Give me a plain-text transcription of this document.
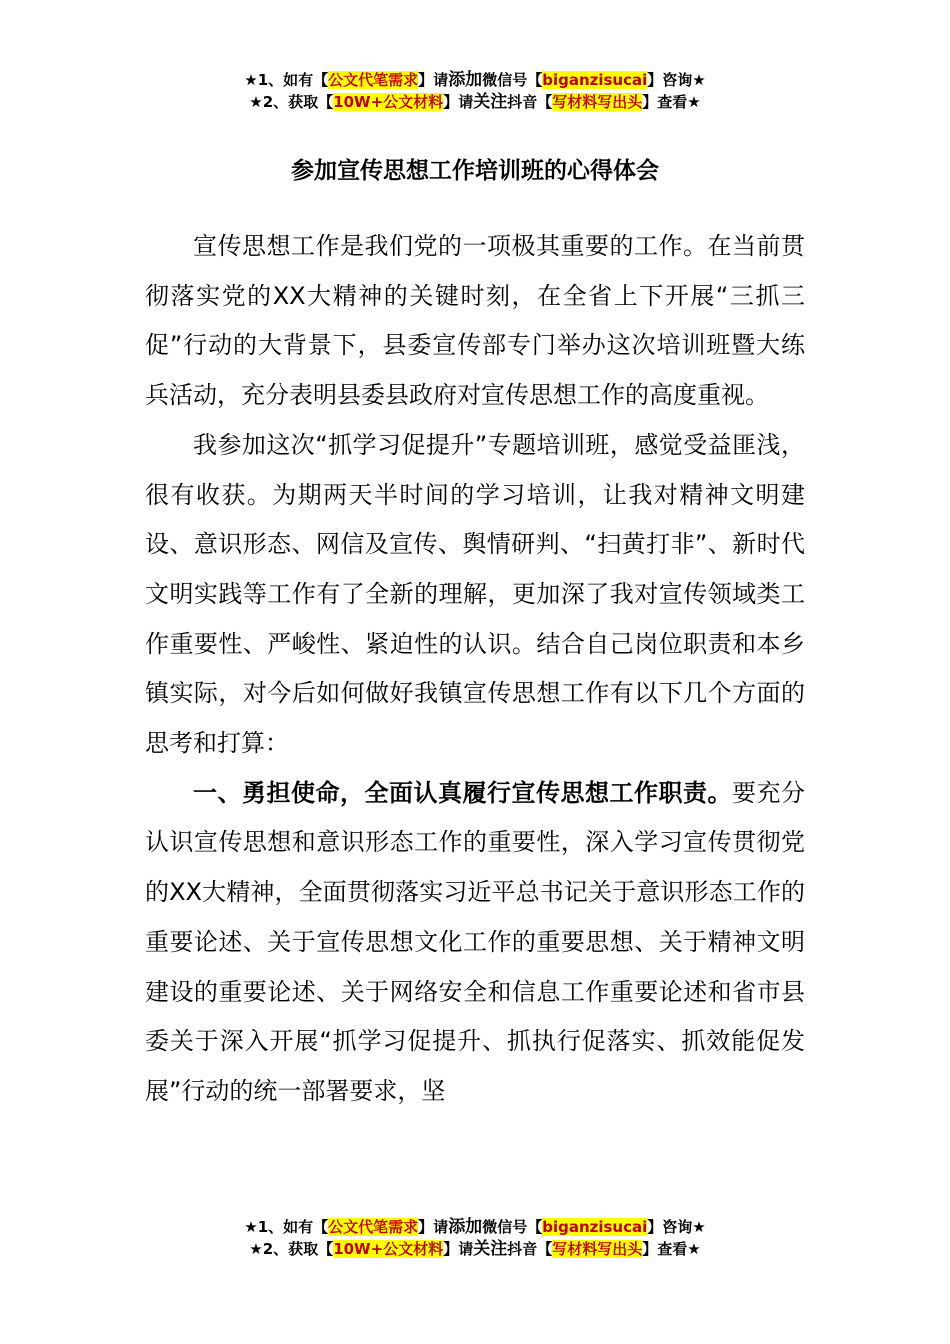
★1、如有【公文代笔需求】请添加微信号【biganzisucai】咨询★
★2、获取【10W+公文材料】请关注抖音【写材料写出头】查看★
参加宣传思想工作培训班的心得体会

宣传思想工作是我们党的一项极其重要的工作。在当前贯彻落实党的XX大精神的关键时刻，在全省上下开展“三抓三促”行动的大背景下，县委宣传部专门举办这次培训班暨大练兵活动，充分表明县委县政府对宣传思想工作的高度重视。

我参加这次“抓学习促提升”专题培训班，感觉受益匪浅，很有收获。为期两天半时间的学习培训，让我对精神文明建设、意识形态、网信及宣传、舆情研判、“扫黄打非”、新时代文明实践等工作有了全新的理解，更加深了我对宣传领域类工作重要性、严峻性、紧迫性的认识。结合自己岗位职责和本乡镇实际，对今后如何做好我镇宣传思想工作有以下几个方面的思考和打算：

一、勇担使命，全面认真履行宣传思想工作职责。要充分认识宣传思想和意识形态工作的重要性，深入学习宣传贯彻党的XX大精神，全面贯彻落实习近平总书记关于意识形态工作的重要论述、关于宣传思想文化工作的重要思想、关于精神文明建设的重要论述、关于网络安全和信息工作重要论述和省市县委关于深入开展“抓学习促提升、抓执行促落实、抓效能促发展”行动的统一部署要求，坚

★1、如有【公文代笔需求】请添加微信号【biganzisucai】咨询★
★2、获取【10W+公文材料】请关注抖音【写材料写出头】查看★
